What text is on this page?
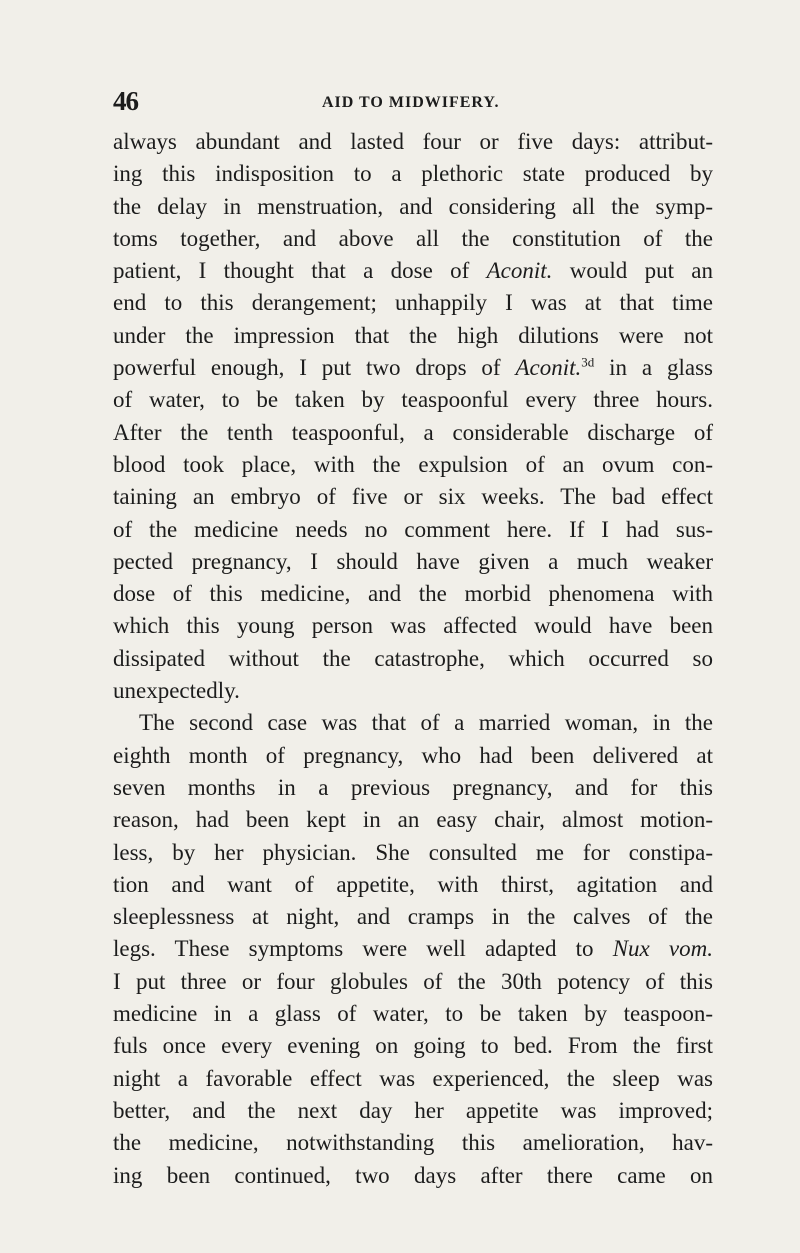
46	AID TO MIDWIFERY.
always abundant and lasted four or five days: attribut-
ing this indisposition to a plethoric state produced by
the delay in menstruation, and considering all the symp-
toms together, and above all the constitution of the
patient, I thought that a dose of Aconit. would put an
end to this derangement; unhappily I was at that time
under the impression that the high dilutions were not
powerful enough, I put two drops of Aconit.$^{3d}$ in a glass
of water, to be taken by teaspoonful every three hours.
After the tenth teaspoonful, a considerable discharge of
blood took place, with the expulsion of an ovum con-
taining an embryo of five or six weeks. The bad effect
of the medicine needs no comment here. If I had sus-
pected pregnancy, I should have given a much weaker
dose of this medicine, and the morbid phenomena with
which this young person was affected would have been
dissipated without the catastrophe, which occurred so
unexpectedly.
The second case was that of a married woman, in the
eighth month of pregnancy, who had been delivered at
seven months in a previous pregnancy, and for this
reason, had been kept in an easy chair, almost motion-
less, by her physician. She consulted me for constipa-
tion and want of appetite, with thirst, agitation and
sleeplessness at night, and cramps in the calves of the
legs. These symptoms were well adapted to Nux vom.
I put three or four globules of the 30th potency of this
medicine in a glass of water, to be taken by teaspoon-
fuls once every evening on going to bed. From the first
night a favorable effect was experienced, the sleep was
better, and the next day her appetite was improved;
the medicine, notwithstanding this amelioration, hav-
ing been continued, two days after there came on
